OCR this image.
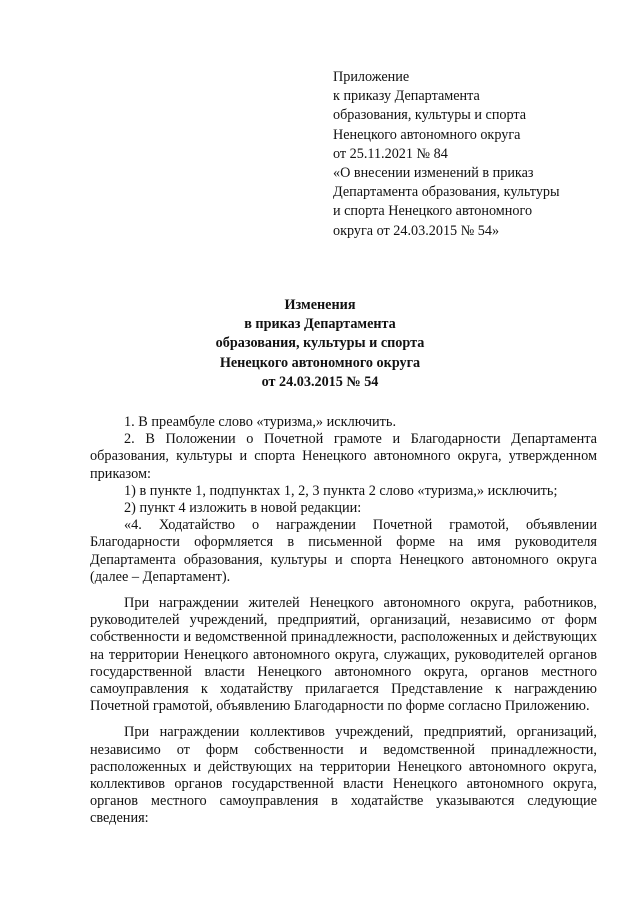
Приложение
к приказу Департамента
образования, культуры и спорта
Ненецкого автономного округа
от 25.11.2021 № 84
«О внесении изменений в приказ
Департамента образования, культуры
и спорта Ненецкого автономного
округа от 24.03.2015 № 54»
Изменения
в приказ Департамента
образования, культуры и спорта
Ненецкого автономного округа
от 24.03.2015 № 54

1. В преамбуле слово «туризма,» исключить.

2. В Положении о Почетной грамоте и Благодарности Департамента образования, культуры и спорта Ненецкого автономного округа, утвержденном приказом:

1) в пункте 1, подпунктах 1, 2, 3 пункта 2 слово «туризма,» исключить;

2) пункт 4 изложить в новой редакции:

«4. Ходатайство о награждении Почетной грамотой, объявлении Благодарности оформляется в письменной форме на имя руководителя Департамента образования, культуры и спорта Ненецкого автономного округа (далее – Департамент).

При награждении жителей Ненецкого автономного округа, работников, руководителей учреждений, предприятий, организаций, независимо от форм собственности и ведомственной принадлежности, расположенных и действующих на территории Ненецкого автономного округа, служащих, руководителей органов государственной власти Ненецкого автономного округа, органов местного самоуправления к ходатайству прилагается Представление к награждению Почетной грамотой, объявлению Благодарности по форме согласно Приложению.

При награждении коллективов учреждений, предприятий, организаций, независимо от форм собственности и ведомственной принадлежности, расположенных и действующих на территории Ненецкого автономного округа, коллективов органов государственной власти Ненецкого автономного округа, органов местного самоуправления в ходатайстве указываются следующие сведения:
